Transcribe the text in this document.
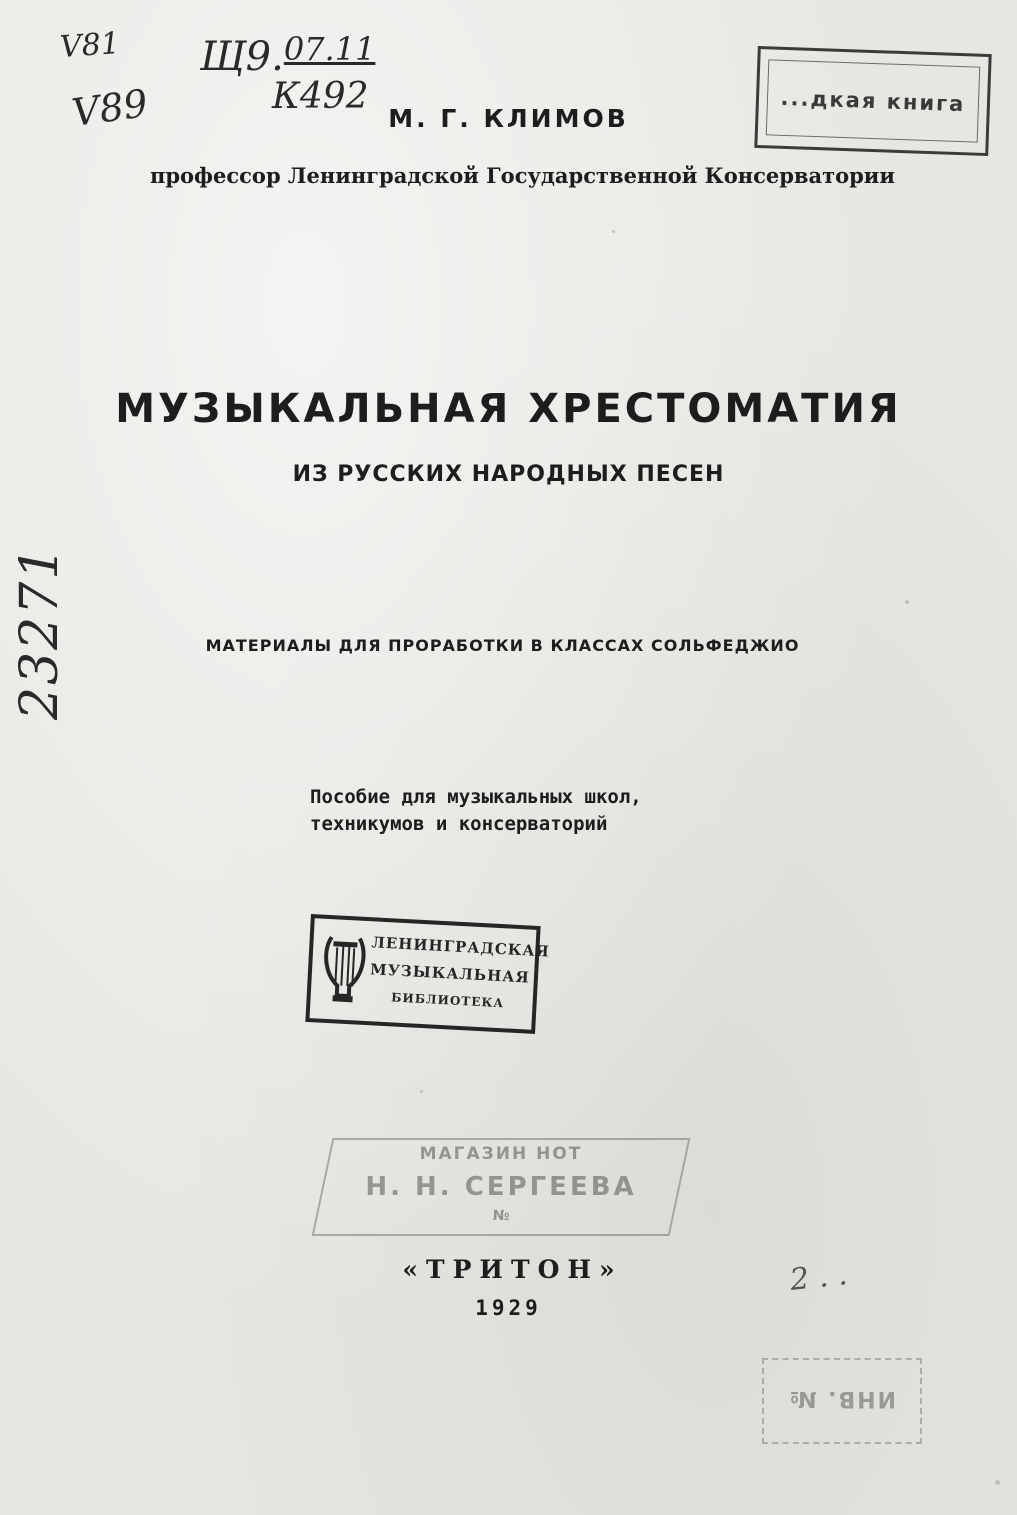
V81
V89
Щ9.$^{07.11}$
К492
23271
2 . .
...дкая книга
М. Г. КЛИМОВ
профессор Ленинградской Государственной Консерватории
МУЗЫКАЛЬНАЯ ХРЕСТОМАТИЯ
ИЗ РУССКИХ НАРОДНЫХ ПЕСЕН
МАТЕРИАЛЫ ДЛЯ ПРОРАБОТКИ В КЛАССАХ СОЛЬФЕДЖИО
Пособие для музыкальных школ,
техникумов и консерваторий
ЛЕНИНГРАДСКАЯ
МУЗЫКАЛЬНАЯ
БИБЛИОТЕКА
МАГАЗИН НОТ
Н. Н. СЕРГЕЕВА
№
«ТРИТОН»
1929
ИНВ. №
